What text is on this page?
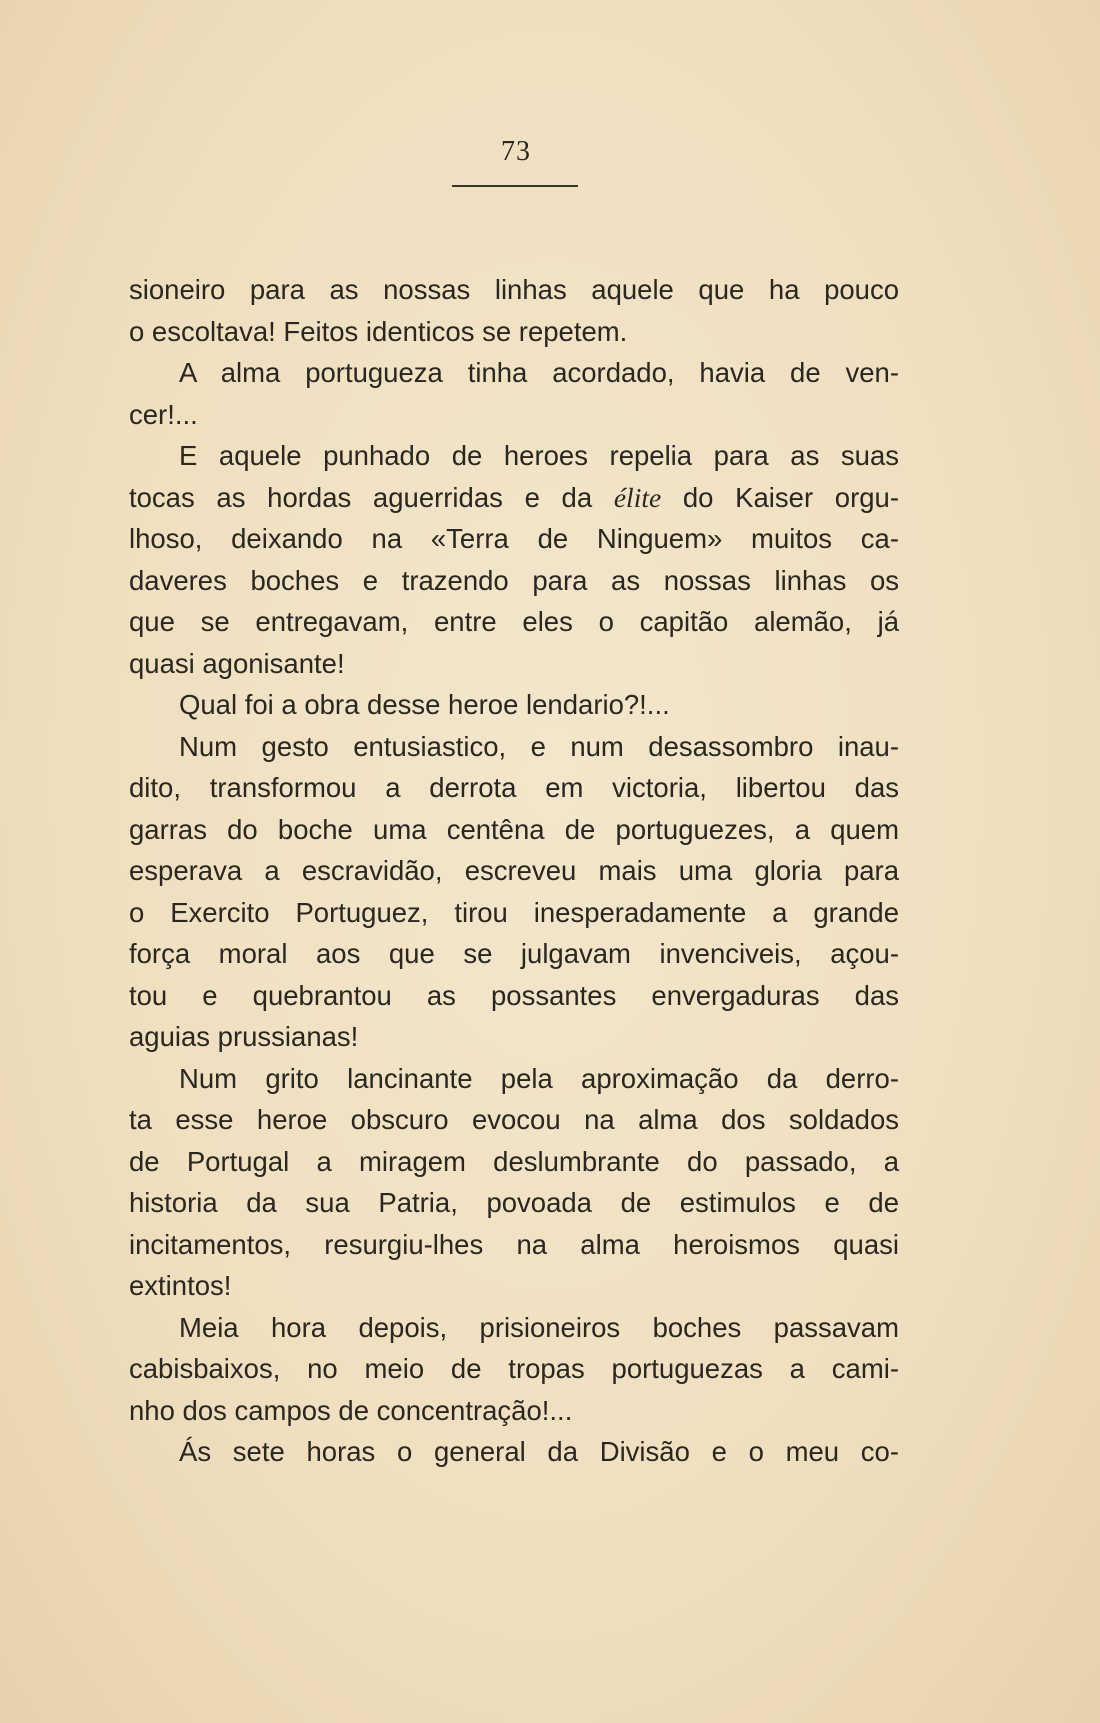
73
sioneiro para as nossas linhas aquele que ha pouco
o escoltava! Feitos identicos se repetem.
A alma portugueza tinha acordado, havia de ven-
cer!...
E aquele punhado de heroes repelia para as suas
tocas as hordas aguerridas e da élite do Kaiser orgu-
lhoso, deixando na «Terra de Ninguem» muitos ca-
daveres boches e trazendo para as nossas linhas os
que se entregavam, entre eles o capitão alemão, já
quasi agonisante!
Qual foi a obra desse heroe lendario?!...
Num gesto entusiastico, e num desassombro inau-
dito, transformou a derrota em victoria, libertou das
garras do boche uma centêna de portuguezes, a quem
esperava a escravidão, escreveu mais uma gloria para
o Exercito Portuguez, tirou inesperadamente a grande
força moral aos que se julgavam invenciveis, açou-
tou e quebrantou as possantes envergaduras das
aguias prussianas!
Num grito lancinante pela aproximação da derro-
ta esse heroe obscuro evocou na alma dos soldados
de Portugal a miragem deslumbrante do passado, a
historia da sua Patria, povoada de estimulos e de
incitamentos, resurgiu-lhes na alma heroismos quasi
extintos!
Meia hora depois, prisioneiros boches passavam
cabisbaixos, no meio de tropas portuguezas a cami-
nho dos campos de concentração!...
Ás sete horas o general da Divisão e o meu co-
